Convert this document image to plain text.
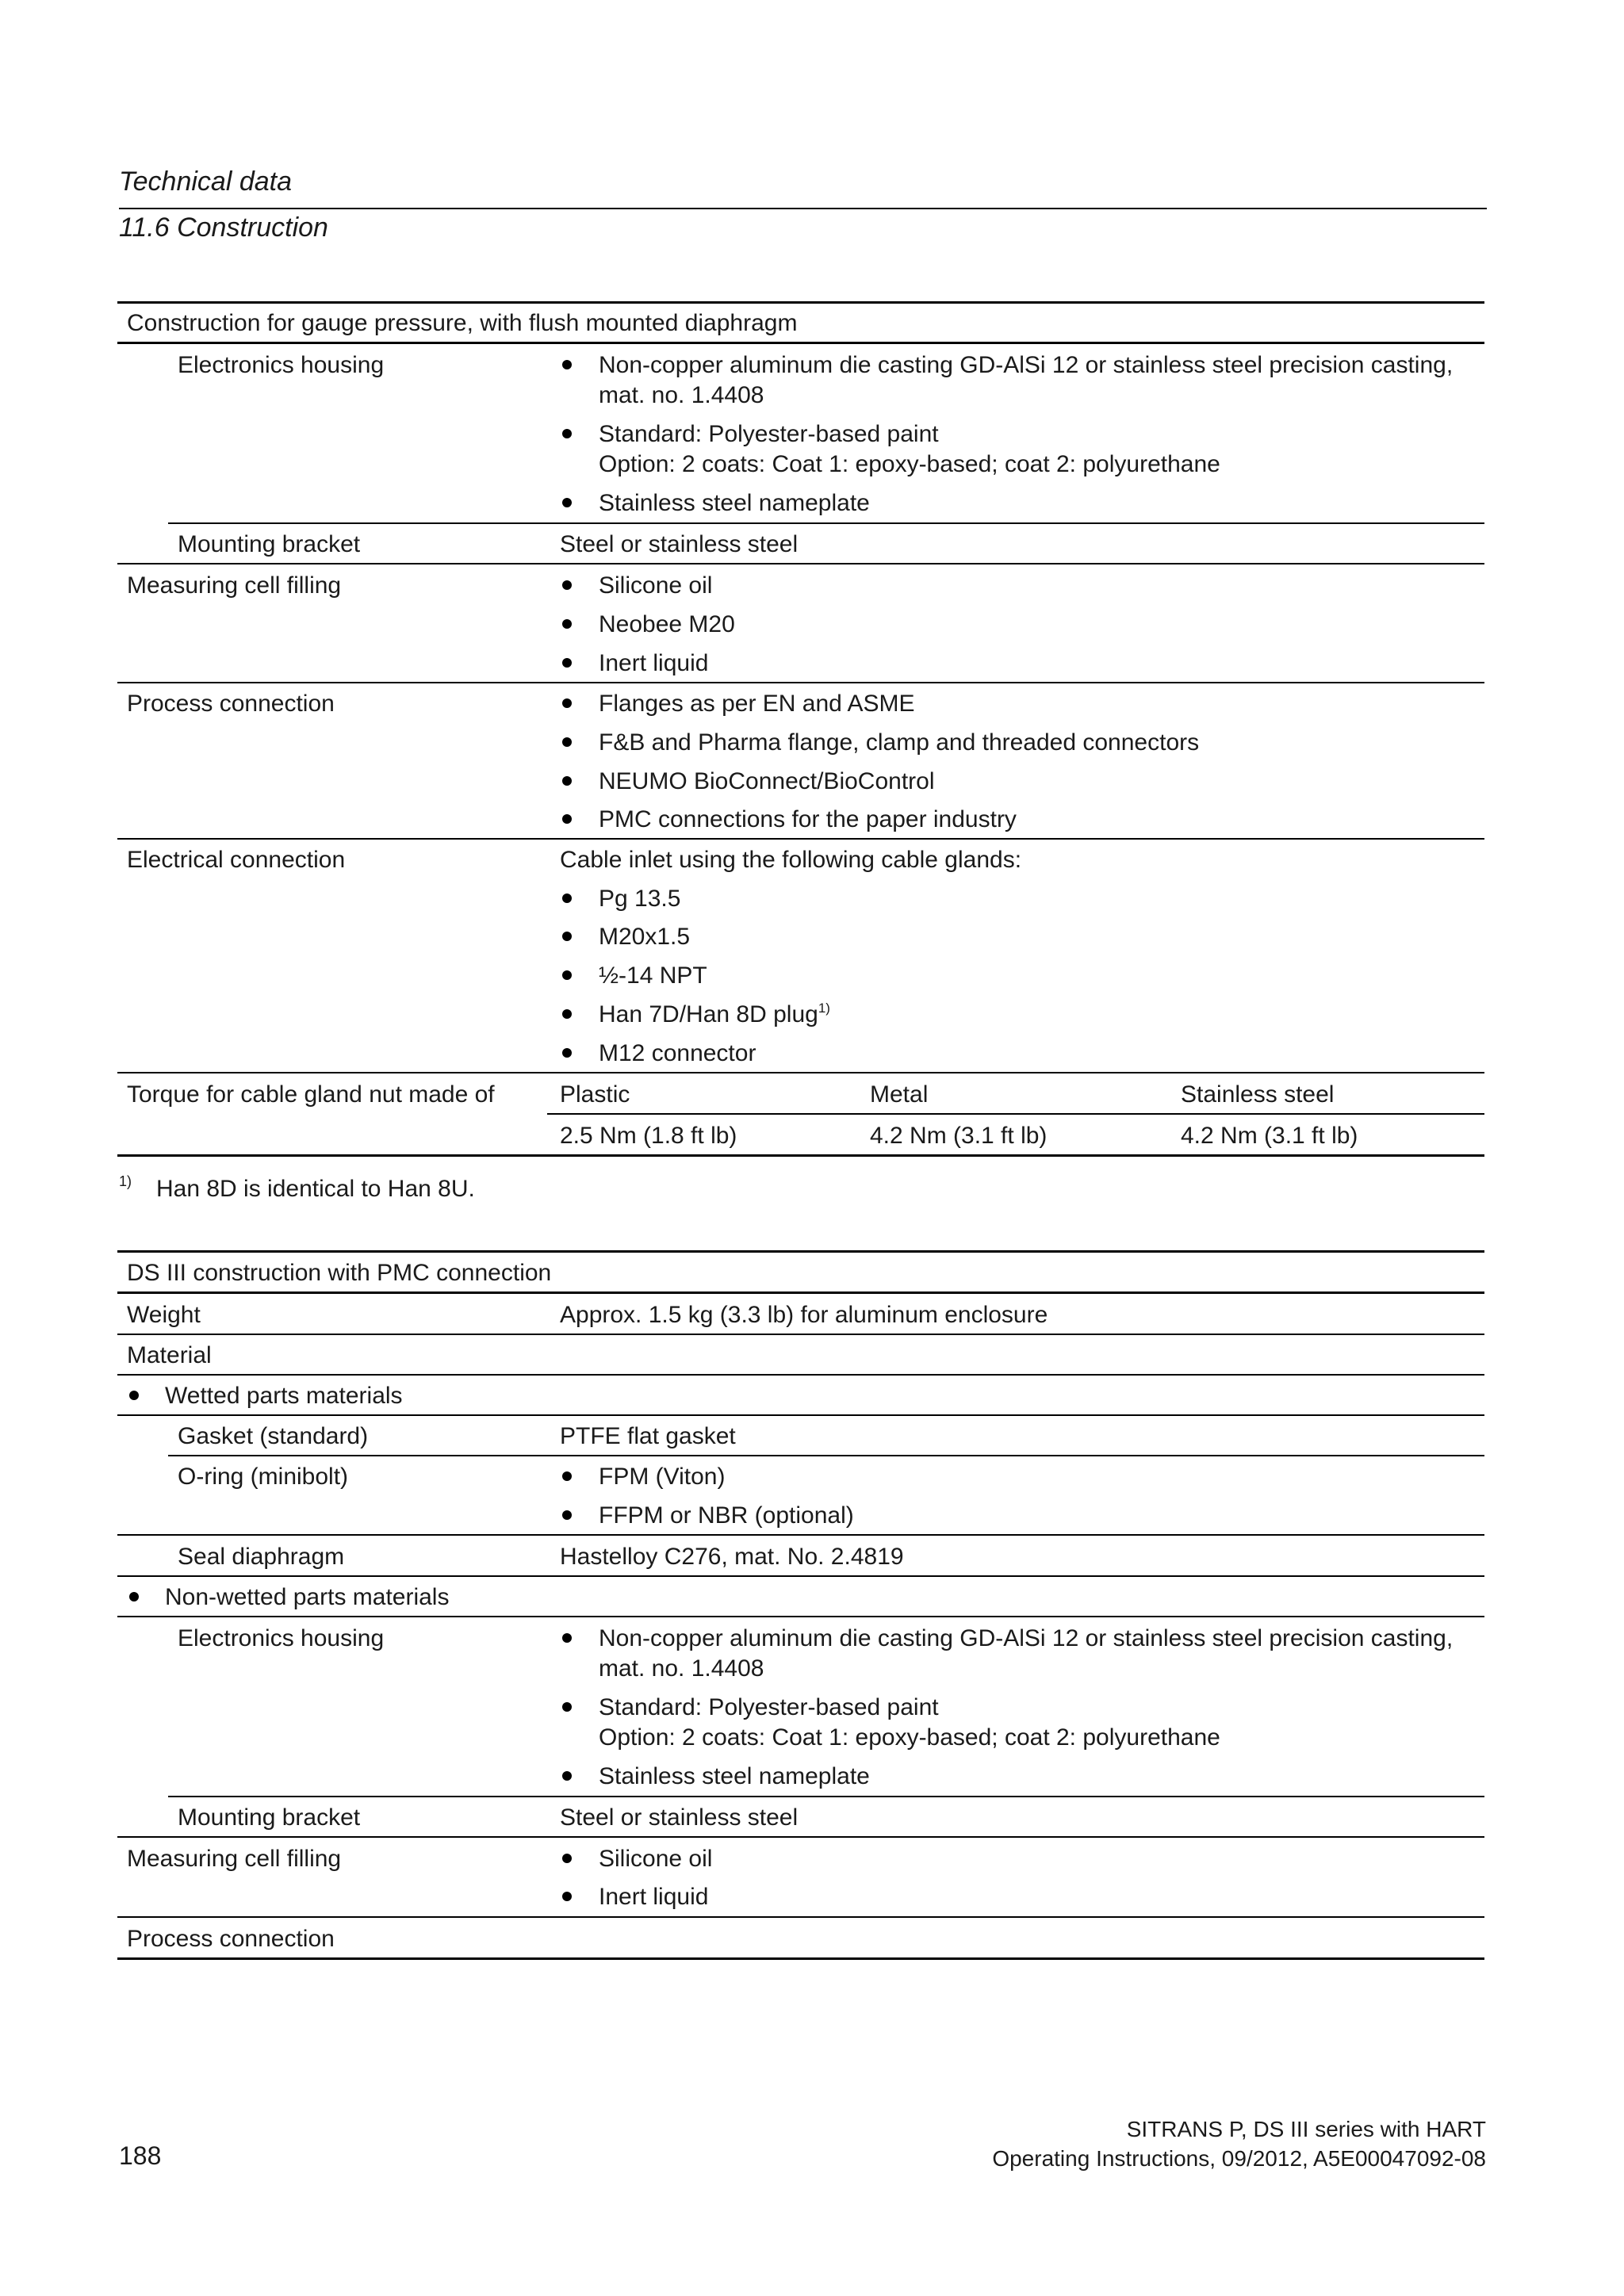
Technical data
11.6 Construction
Construction for gauge pressure, with flush mounted diaphragm
Electronics housing	Non-copper aluminum die casting GD-AlSi 12 or stainless steel precision casting,
mat. no. 1.4408
Standard: Polyester-based paint
Option: 2 coats: Coat 1: epoxy-based; coat 2: polyurethane
Stainless steel nameplate
Mounting bracket	Steel or stainless steel
Measuring cell filling	Silicone oil
Neobee M20
Inert liquid
Process connection	Flanges as per EN and ASME
F&B and Pharma flange, clamp and threaded connectors
NEUMO BioConnect/BioControl
PMC connections for the paper industry
Electrical connection	Cable inlet using the following cable glands:
Pg 13.5
M20x1.5
½-14 NPT
Han 7D/Han 8D plug$^{1)}$
M12 connector
Torque for cable gland nut made of	Plastic	Metal	Stainless steel
2.5 Nm (1.8 ft lb)	4.2 Nm (3.1 ft lb)	4.2 Nm (3.1 ft lb)
1) Han 8D is identical to Han 8U.
DS III construction with PMC connection
Weight	Approx. 1.5 kg (3.3 lb) for aluminum enclosure
Material
Wetted parts materials
Gasket (standard)	PTFE flat gasket
O-ring (minibolt)	FPM (Viton)
FFPM or NBR (optional)
Seal diaphragm	Hastelloy C276, mat. No. 2.4819
Non-wetted parts materials
Electronics housing	Non-copper aluminum die casting GD-AlSi 12 or stainless steel precision casting,
mat. no. 1.4408
Standard: Polyester-based paint
Option: 2 coats: Coat 1: epoxy-based; coat 2: polyurethane
Stainless steel nameplate
Mounting bracket	Steel or stainless steel
Measuring cell filling	Silicone oil
Inert liquid
Process connection
SITRANS P, DS III series with HART
188	Operating Instructions, 09/2012, A5E00047092-08
